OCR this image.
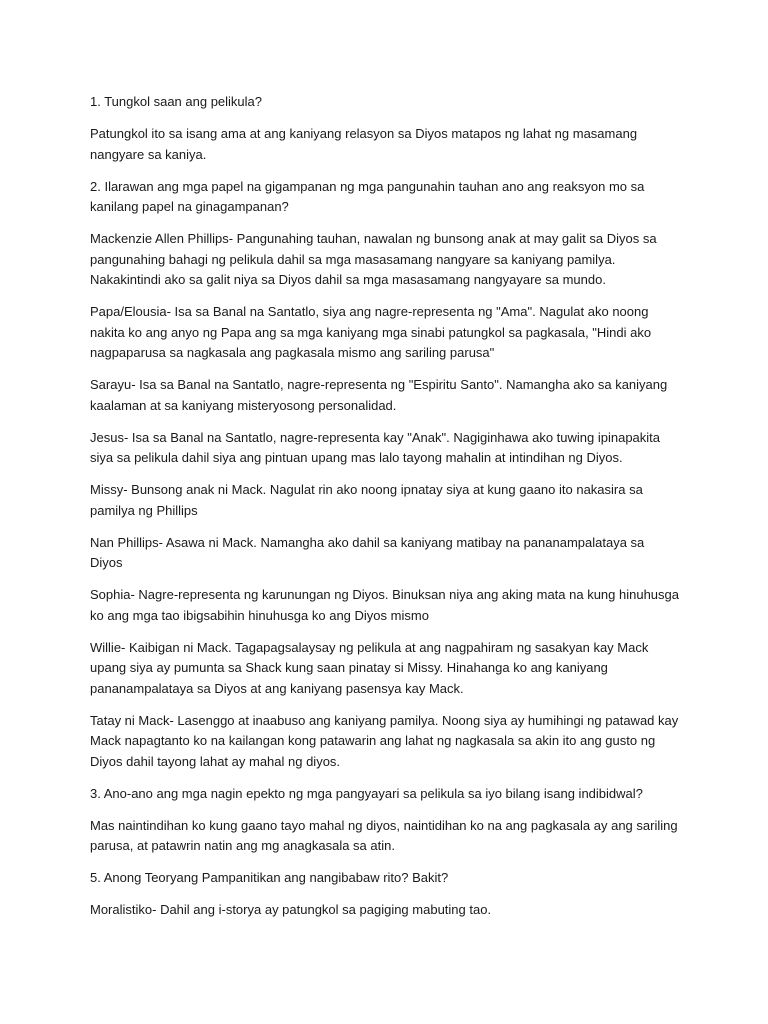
1. Tungkol saan ang pelikula?

Patungkol ito sa isang ama at ang kaniyang relasyon sa Diyos matapos ng lahat ng masamang nangyare sa kaniya.

2. Ilarawan ang mga papel na gigampanan ng mga pangunahin tauhan ano ang reaksyon mo sa kanilang papel na ginagampanan?

Mackenzie Allen Phillips- Pangunahing tauhan, nawalan ng bunsong anak at may galit sa Diyos sa pangunahing bahagi ng pelikula dahil sa mga masasamang nangyare sa kaniyang pamilya. Nakakintindi ako sa galit niya sa Diyos dahil sa mga masasamang nangyayare sa mundo.

Papa/Elousia- Isa sa Banal na Santatlo, siya ang nagre-representa ng "Ama". Nagulat ako noong nakita ko ang anyo ng Papa ang sa mga kaniyang mga sinabi patungkol sa pagkasala, "Hindi ako nagpaparusa sa nagkasala ang pagkasala mismo ang sariling parusa"

Sarayu- Isa sa Banal na Santatlo, nagre-representa ng "Espiritu Santo". Namangha ako sa kaniyang kaalaman at sa kaniyang misteryosong personalidad.

Jesus- Isa sa Banal na Santatlo, nagre-representa kay "Anak". Nagiginhawa ako tuwing ipinapakita siya sa pelikula dahil siya ang pintuan upang mas lalo tayong mahalin at intindihan ng Diyos.

Missy- Bunsong anak ni Mack. Nagulat rin ako noong ipnatay siya at kung gaano ito nakasira sa pamilya ng Phillips

Nan Phillips- Asawa ni Mack. Namangha ako dahil sa kaniyang matibay na pananampalataya sa Diyos

Sophia- Nagre-representa ng karunungan ng Diyos. Binuksan niya ang aking mata na kung hinuhusga ko ang mga tao ibigsabihin hinuhusga ko ang Diyos mismo

Willie- Kaibigan ni Mack. Tagapagsalaysay ng pelikula at ang nagpahiram ng sasakyan kay Mack upang siya ay pumunta sa Shack kung saan pinatay si Missy. Hinahanga ko ang kaniyang pananampalataya sa Diyos at ang kaniyang pasensya kay Mack.

Tatay ni Mack- Lasenggo at inaabuso ang kaniyang pamilya. Noong siya ay humihingi ng patawad kay Mack napagtanto ko na kailangan kong patawarin ang lahat ng nagkasala sa akin ito ang gusto ng Diyos dahil tayong lahat ay mahal ng diyos.

3. Ano-ano ang mga nagin epekto ng mga pangyayari sa pelikula sa iyo bilang isang indibidwal?

Mas naintindihan ko kung gaano tayo mahal ng diyos, naintidihan ko na ang pagkasala ay ang sariling parusa, at patawrin natin ang mg anagkasala sa atin.

5. Anong Teoryang Pampanitikan ang nangibabaw rito? Bakit?

Moralistiko- Dahil ang i-storya ay patungkol sa pagiging mabuting tao.
